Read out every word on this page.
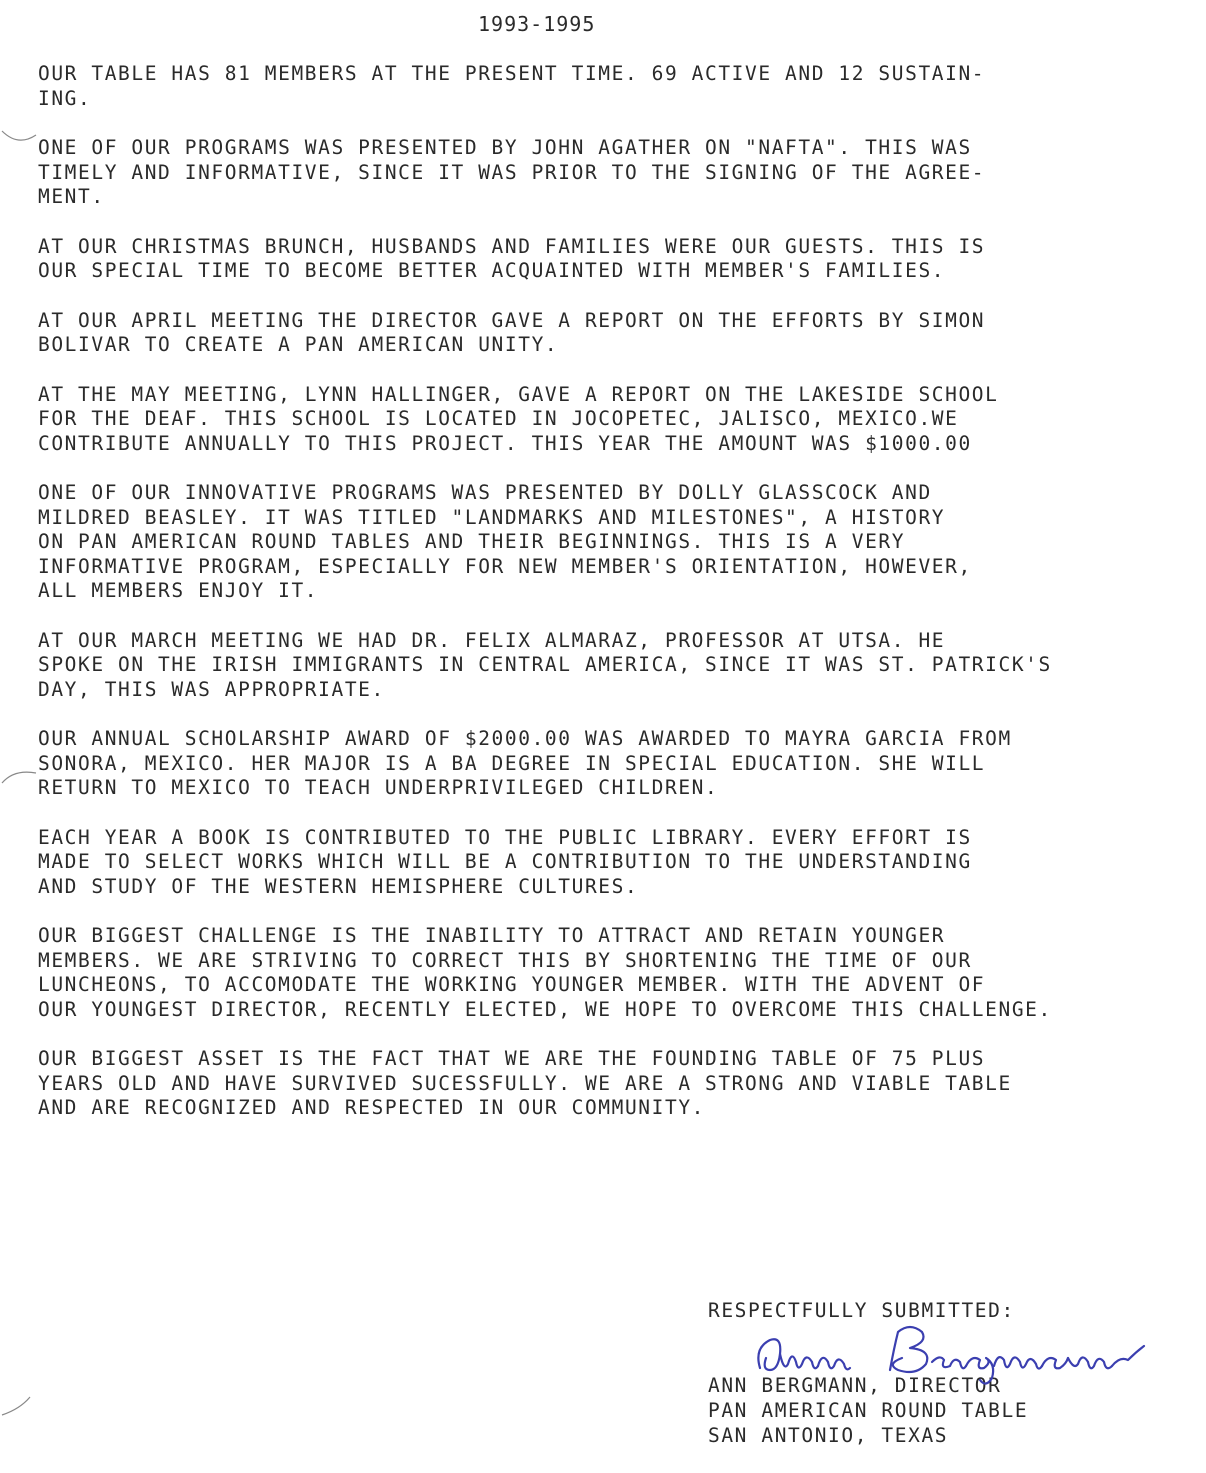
1993-1995

OUR TABLE HAS 81 MEMBERS AT THE PRESENT TIME. 69 ACTIVE AND 12 SUSTAIN-
ING.

ONE OF OUR PROGRAMS WAS PRESENTED BY JOHN AGATHER ON "NAFTA". THIS WAS
TIMELY AND INFORMATIVE, SINCE IT WAS PRIOR TO THE SIGNING OF THE AGREE-
MENT.

AT OUR CHRISTMAS BRUNCH, HUSBANDS AND FAMILIES WERE OUR GUESTS. THIS IS
OUR SPECIAL TIME TO BECOME BETTER ACQUAINTED WITH MEMBER'S FAMILIES.

AT OUR APRIL MEETING THE DIRECTOR GAVE A REPORT ON THE EFFORTS BY SIMON
BOLIVAR TO CREATE A PAN AMERICAN UNITY.

AT THE MAY MEETING, LYNN HALLINGER, GAVE A REPORT ON THE LAKESIDE SCHOOL
FOR THE DEAF. THIS SCHOOL IS LOCATED IN JOCOPETEC, JALISCO, MEXICO.WE
CONTRIBUTE ANNUALLY TO THIS PROJECT. THIS YEAR THE AMOUNT WAS $1000.00

ONE OF OUR INNOVATIVE PROGRAMS WAS PRESENTED BY DOLLY GLASSCOCK AND
MILDRED BEASLEY. IT WAS TITLED "LANDMARKS AND MILESTONES", A HISTORY
ON PAN AMERICAN ROUND TABLES AND THEIR BEGINNINGS. THIS IS A VERY
INFORMATIVE PROGRAM, ESPECIALLY FOR NEW MEMBER'S ORIENTATION, HOWEVER,
ALL MEMBERS ENJOY IT.

AT OUR MARCH MEETING WE HAD DR. FELIX ALMARAZ, PROFESSOR AT UTSA. HE
SPOKE ON THE IRISH IMMIGRANTS IN CENTRAL AMERICA, SINCE IT WAS ST. PATRICK'S
DAY, THIS WAS APPROPRIATE.

OUR ANNUAL SCHOLARSHIP AWARD OF $2000.00 WAS AWARDED TO MAYRA GARCIA FROM
SONORA, MEXICO. HER MAJOR IS A BA DEGREE IN SPECIAL EDUCATION. SHE WILL
RETURN TO MEXICO TO TEACH UNDERPRIVILEGED CHILDREN.

EACH YEAR A BOOK IS CONTRIBUTED TO THE PUBLIC LIBRARY. EVERY EFFORT IS
MADE TO SELECT WORKS WHICH WILL BE A CONTRIBUTION TO THE UNDERSTANDING
AND STUDY OF THE WESTERN HEMISPHERE CULTURES.

OUR BIGGEST CHALLENGE IS THE INABILITY TO ATTRACT AND RETAIN YOUNGER
MEMBERS. WE ARE STRIVING TO CORRECT THIS BY SHORTENING THE TIME OF OUR
LUNCHEONS, TO ACCOMODATE THE WORKING YOUNGER MEMBER. WITH THE ADVENT OF
OUR YOUNGEST DIRECTOR, RECENTLY ELECTED, WE HOPE TO OVERCOME THIS CHALLENGE.

OUR BIGGEST ASSET IS THE FACT THAT WE ARE THE FOUNDING TABLE OF 75 PLUS
YEARS OLD AND HAVE SURVIVED SUCESSFULLY. WE ARE A STRONG AND VIABLE TABLE
AND ARE RECOGNIZED AND RESPECTED IN OUR COMMUNITY.

RESPECTFULLY SUBMITTED:
ANN BERGMANN, DIRECTOR
PAN AMERICAN ROUND TABLE
SAN ANTONIO, TEXAS
